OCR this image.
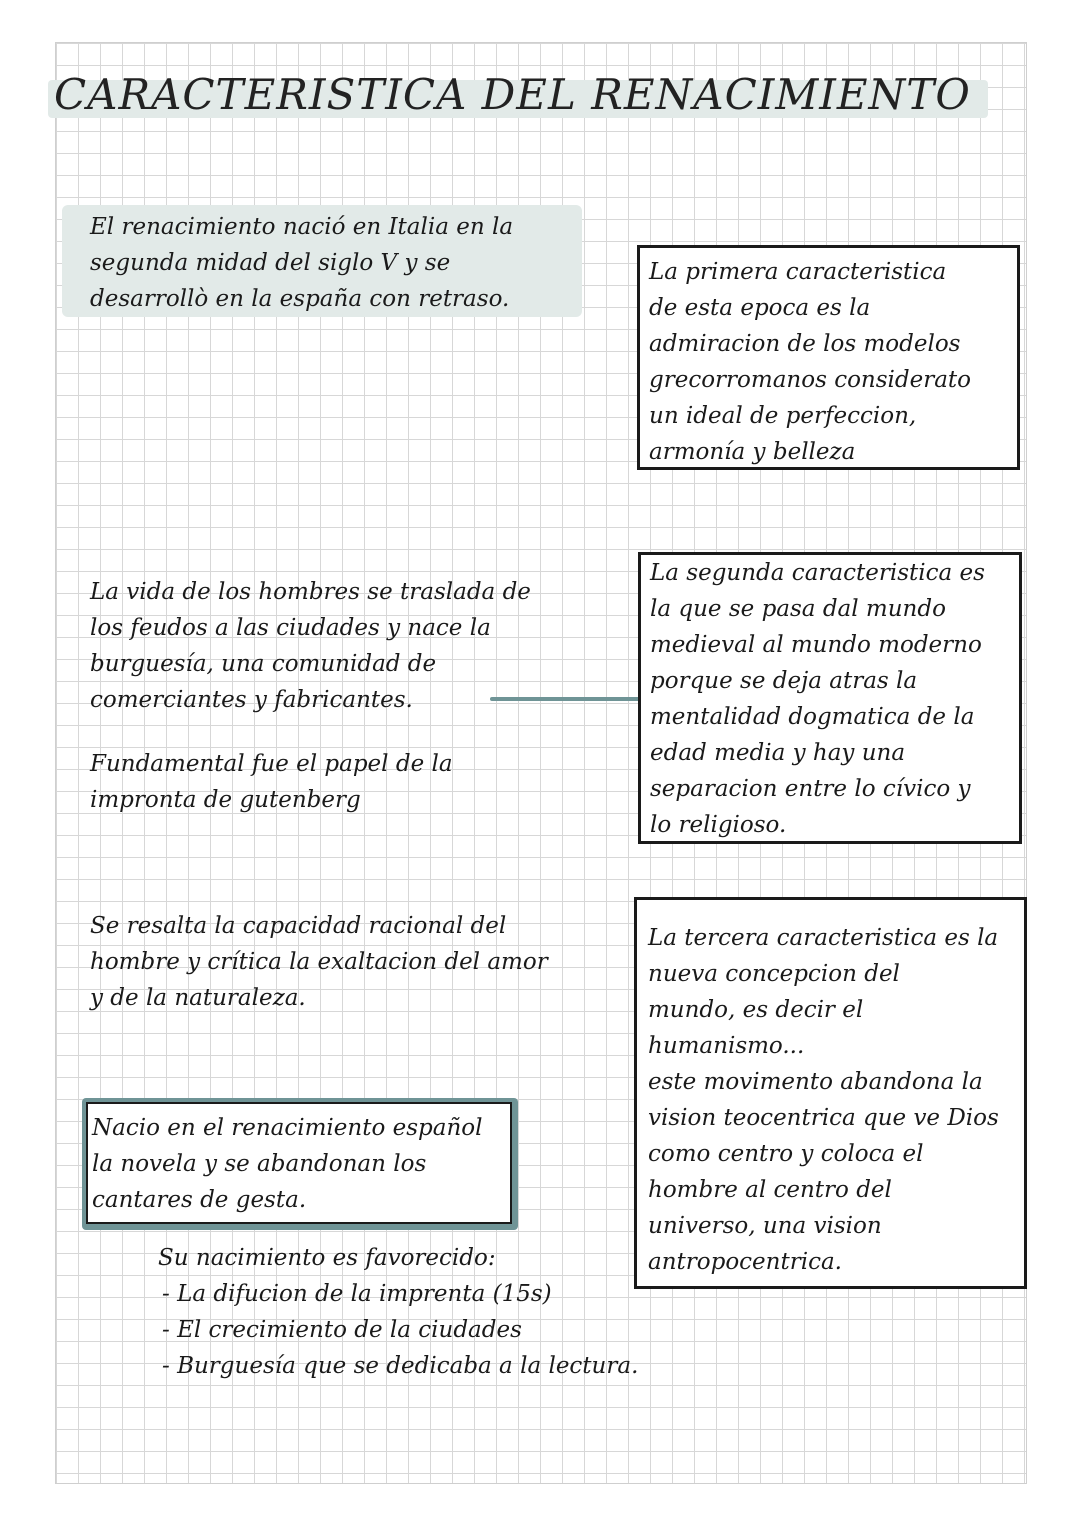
CARACTERISTICA DEL RENACIMIENTO
El renacimiento nació en Italia en la
segunda midad del siglo V y se
desarrollò en la españa con retraso.
La primera caracteristica
de esta epoca es la
admiracion de los modelos
grecorromanos considerato
un ideal de perfeccion,
armonía y belleza
La vida de los hombres se traslada de
los feudos a las ciudades y nace la
burguesía, una comunidad de
comerciantes y fabricantes.
La segunda caracteristica es
la que se pasa dal mundo
medieval al mundo moderno
porque se deja atras la
mentalidad dogmatica de la
edad media y hay una
separacion entre lo cívico y
lo religioso.
Fundamental fue el papel de la
impronta de gutenberg
Se resalta la capacidad racional del
hombre y crítica la exaltacion del amor
y de la naturaleza.
La tercera caracteristica es la
nueva concepcion del
mundo, es decir el
humanismo...
este movimento abandona la
vision teocentrica que ve Dios
como centro y coloca el
hombre al centro del
universo, una vision
antropocentrica.
Nacio en el renacimiento español
la novela y se abandonan los
cantares de gesta.
Su nacimiento es favorecido:
- La difucion de la imprenta (15s)
- El crecimiento de la ciudades
- Burguesía que se dedicaba a la lectura.
